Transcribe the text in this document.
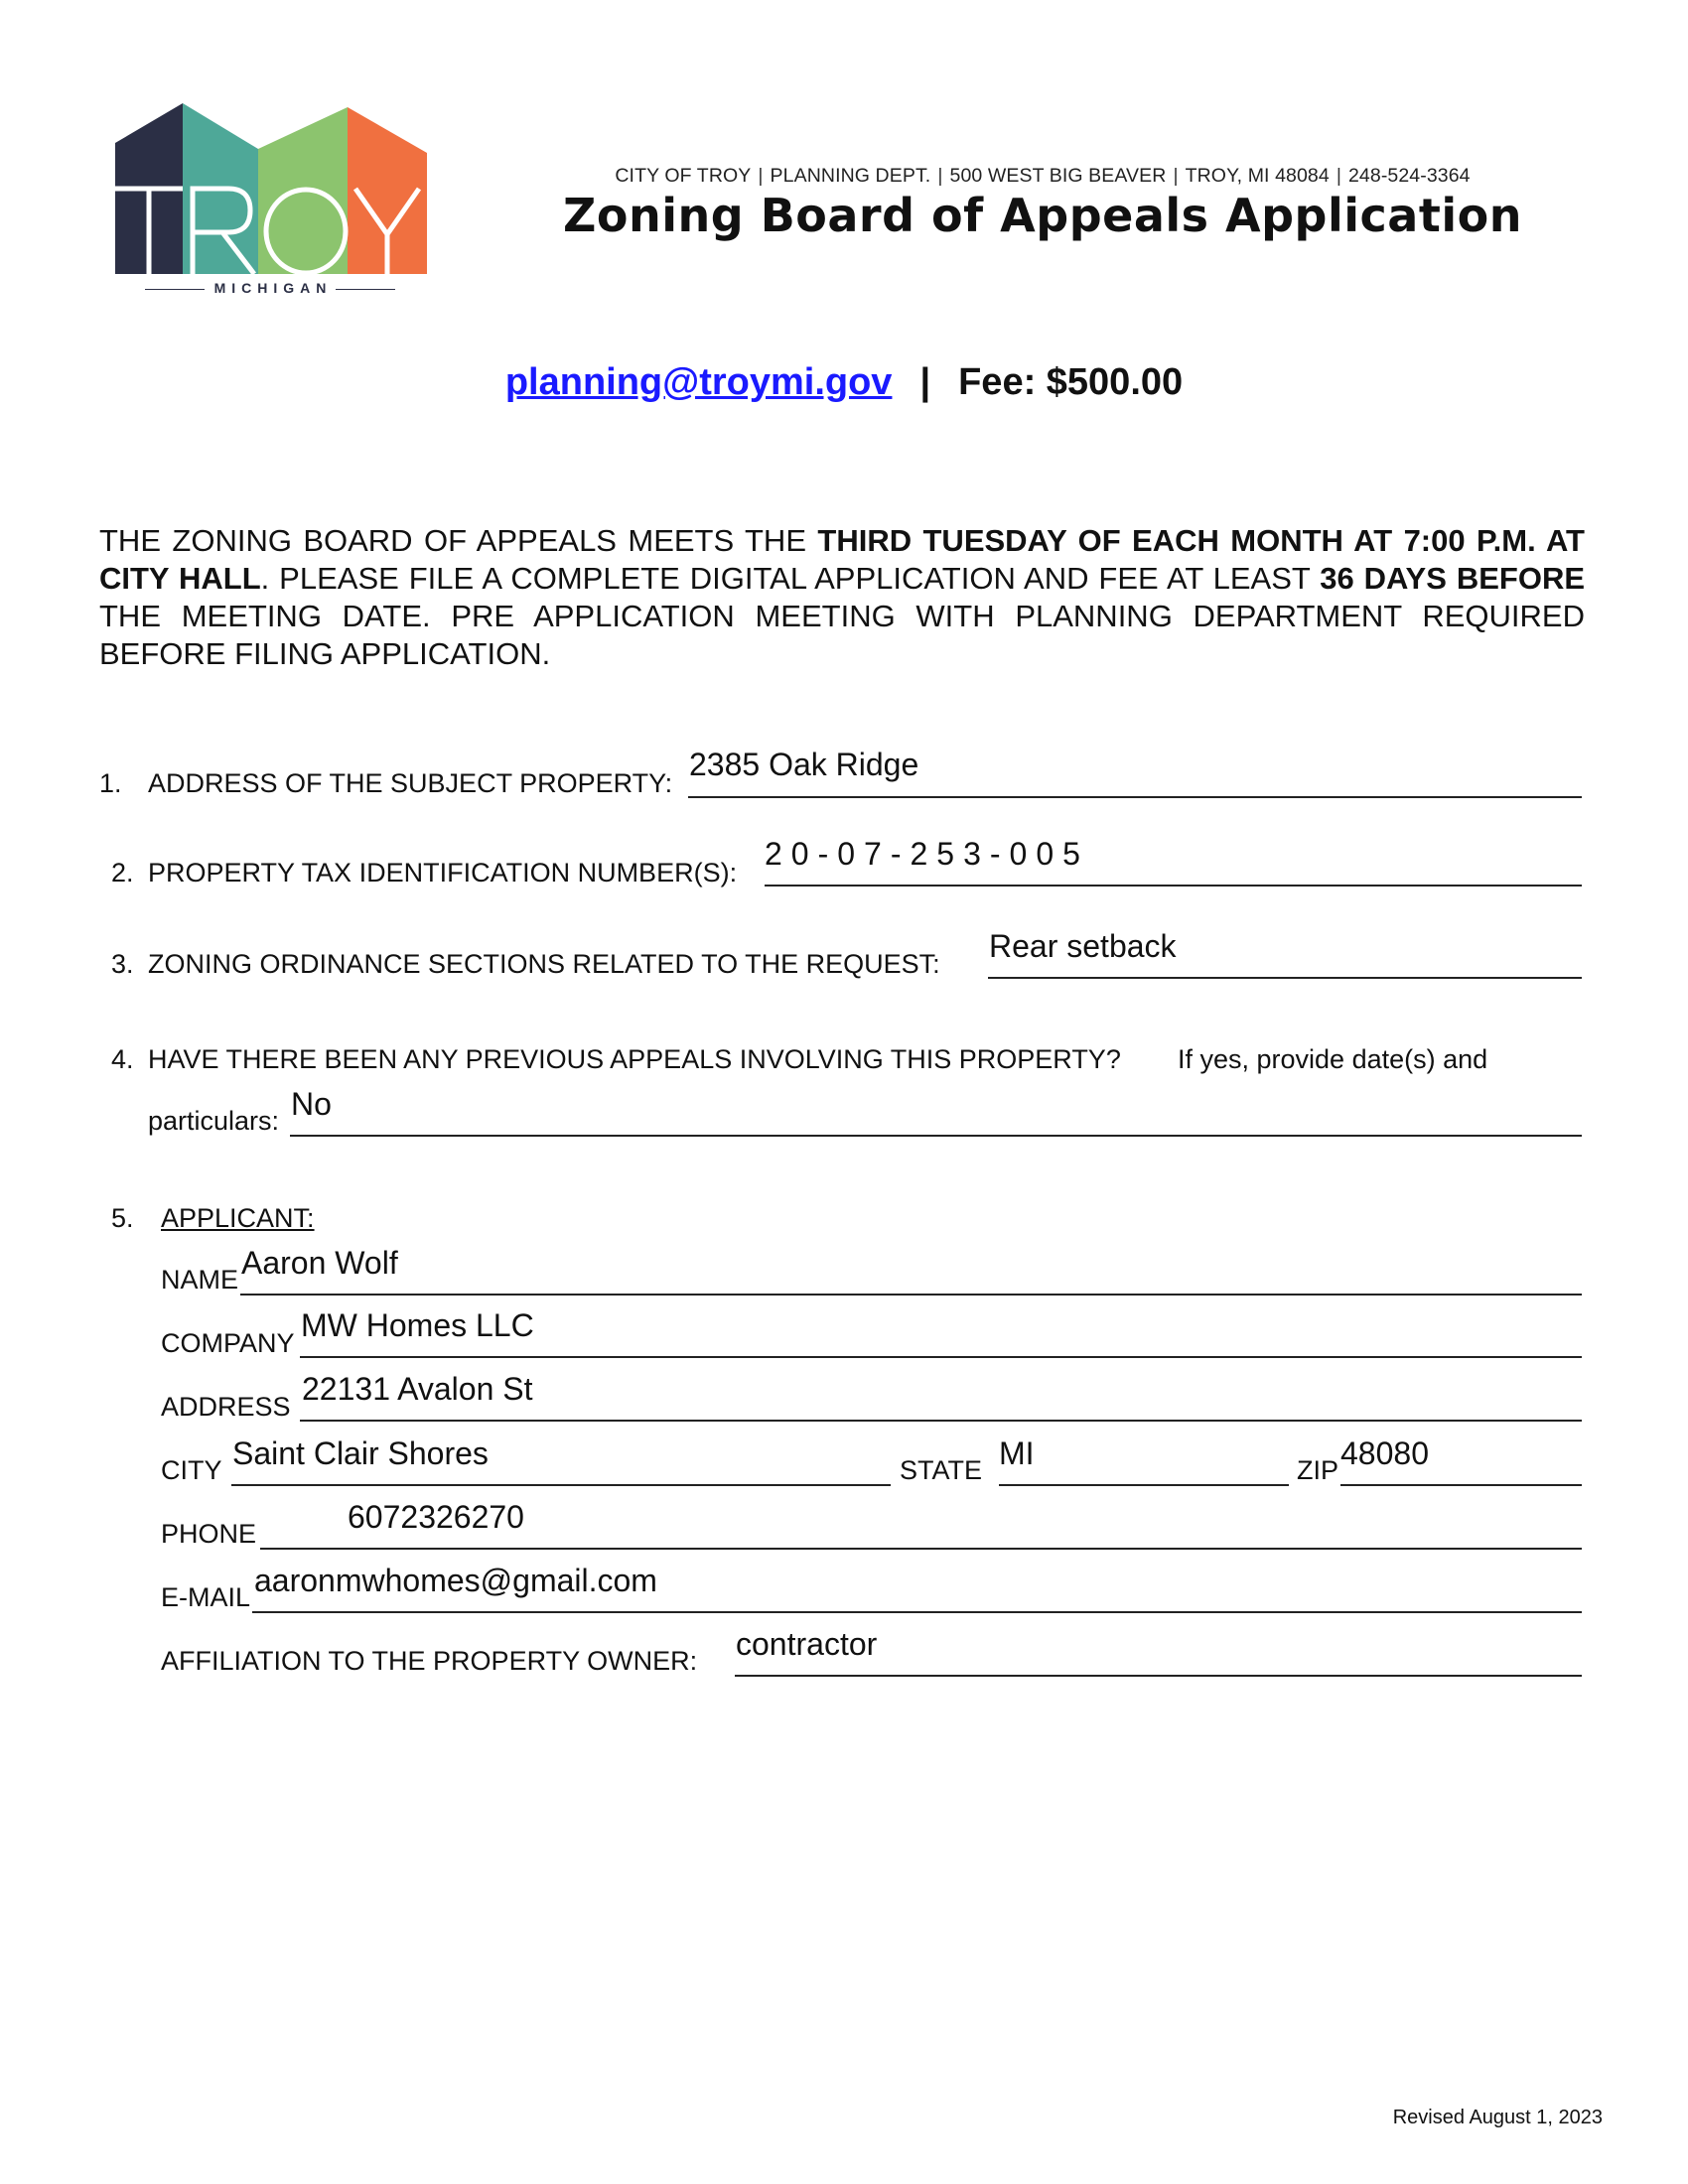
MICHIGAN
CITY OF TROY | PLANNING DEPT. | 500 WEST BIG BEAVER | TROY, MI 48084 | 248-524-3364
Zoning Board of Appeals Application
planning@troymi.gov | Fee: $500.00
THE ZONING BOARD OF APPEALS MEETS THE THIRD TUESDAY OF EACH MONTH AT 7:00 P.M. AT CITY HALL. PLEASE FILE A COMPLETE DIGITAL APPLICATION AND FEE AT LEAST 36 DAYS BEFORE THE MEETING DATE. PRE APPLICATION MEETING WITH PLANNING DEPARTMENT REQUIRED BEFORE FILING APPLICATION.
1. ADDRESS OF THE SUBJECT PROPERTY:
2385 Oak Ridge
2. PROPERTY TAX IDENTIFICATION NUMBER(S):
20-07-253-005
3. ZONING ORDINANCE SECTIONS RELATED TO THE REQUEST: Rear setback
4. HAVE THERE BEEN ANY PREVIOUS APPEALS INVOLVING THIS PROPERTY? If yes, provide date(s) and
particulars: No
5. APPLICANT:
NAME Aaron Wolf
COMPANY MW Homes LLC
ADDRESS 22131 Avalon St
CITY Saint Clair Shores	STATE MI	ZIP 48080
PHONE	6072326270
E-MAIL aaronmwhomes@gmail.com
AFFILIATION TO THE PROPERTY OWNER: contractor
Revised August 1, 2023
